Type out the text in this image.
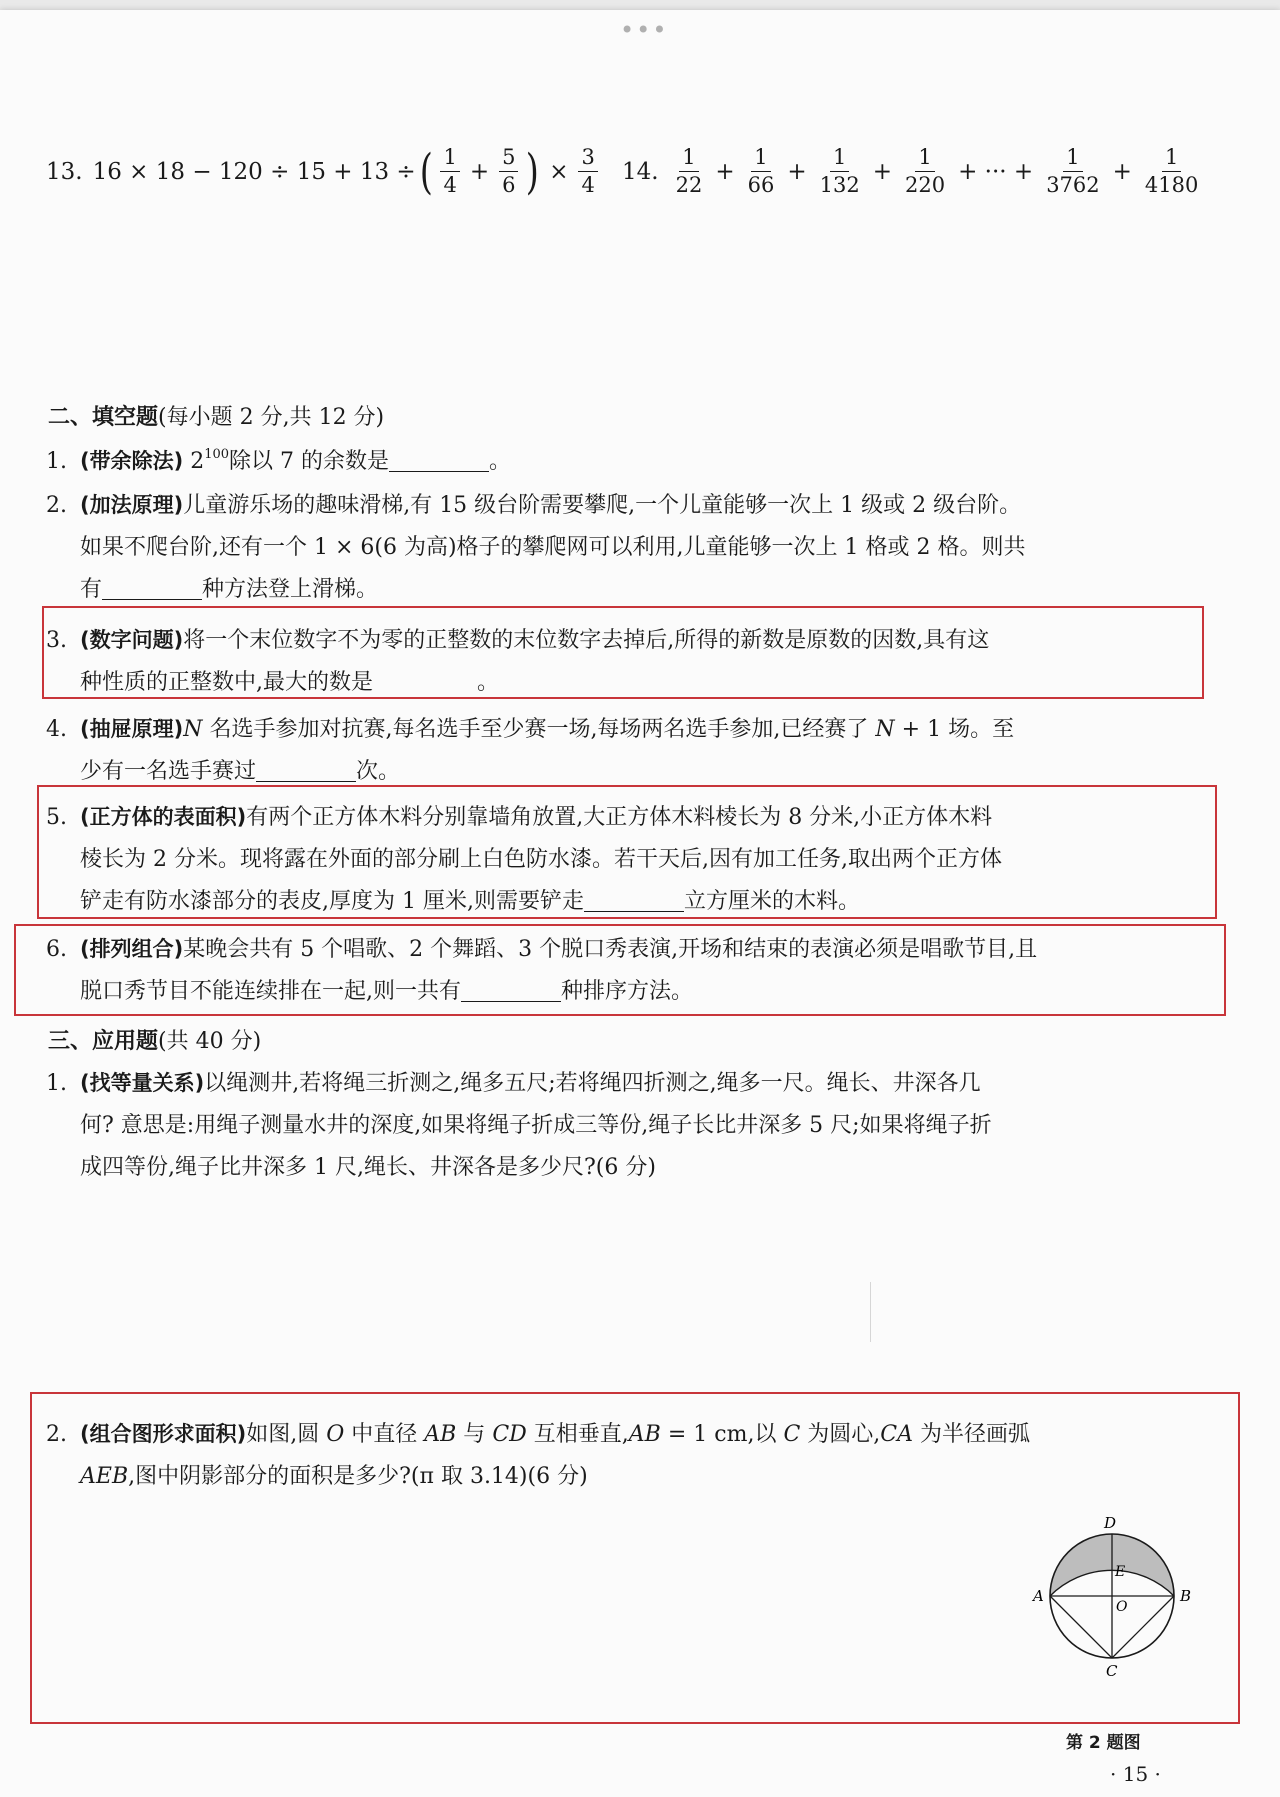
•••
13. 16 × 18 − 120 ÷ 15 + 13 ÷ ( $\frac{1}{4} + \frac{5}{6}$ ) × $\frac{3}{4} 14$. $\frac{1}{22} + \frac{1}{66} + \frac{1}{132} + \frac{1}{220}$ + ··· + $\frac{1}{3762} + \frac{1}{4180}$
二、填空题(每小题 2 分,共 12 分)
1. (带余除法) $2^{100}$除以 7 的余数是	。
2. (加法原理)儿童游乐场的趣味滑梯,有 15 级台阶需要攀爬,一个儿童能够一次上 1 级或 2 级台阶。
如果不爬台阶,还有一个 1 × 6(6 为高)格子的攀爬网可以利用,儿童能够一次上 1 格或 2 格。则共
有	种方法登上滑梯。
3. (数字问题)将一个末位数字不为零的正整数的末位数字去掉后,所得的新数是原数的因数,具有这
种性质的正整数中,最大的数是	。
4. (抽屉原理)N 名选手参加对抗赛,每名选手至少赛一场,每场两名选手参加,已经赛了 N + 1 场。至
少有一名选手赛过	次。
5. (正方体的表面积)有两个正方体木料分别靠墙角放置,大正方体木料棱长为 8 分米,小正方体木料
棱长为 2 分米。现将露在外面的部分刷上白色防水漆。若干天后,因有加工任务,取出两个正方体
铲走有防水漆部分的表皮,厚度为 1 厘米,则需要铲走	立方厘米的木料。
6. (排列组合)某晚会共有 5 个唱歌、2 个舞蹈、3 个脱口秀表演,开场和结束的表演必须是唱歌节目,且
脱口秀节目不能连续排在一起,则一共有	种排序方法。
三、应用题(共 40 分)
1. (找等量关系)以绳测井,若将绳三折测之,绳多五尺;若将绳四折测之,绳多一尺。绳长、井深各几
何? 意思是:用绳子测量水井的深度,如果将绳子折成三等份,绳子长比井深多 5 尺;如果将绳子折
成四等份,绳子比井深多 1 尺,绳长、井深各是多少尺?(6 分)
2. (组合图形求面积)如图,圆 O 中直径 AB 与 CD 互相垂直,AB = 1 cm,以 C 为圆心,CA 为半径画弧
AEB,图中阴影部分的面积是多少?(π 取 3.14)(6 分)
D
E
O
A	B
C
第 2 题图
· 15 ·
